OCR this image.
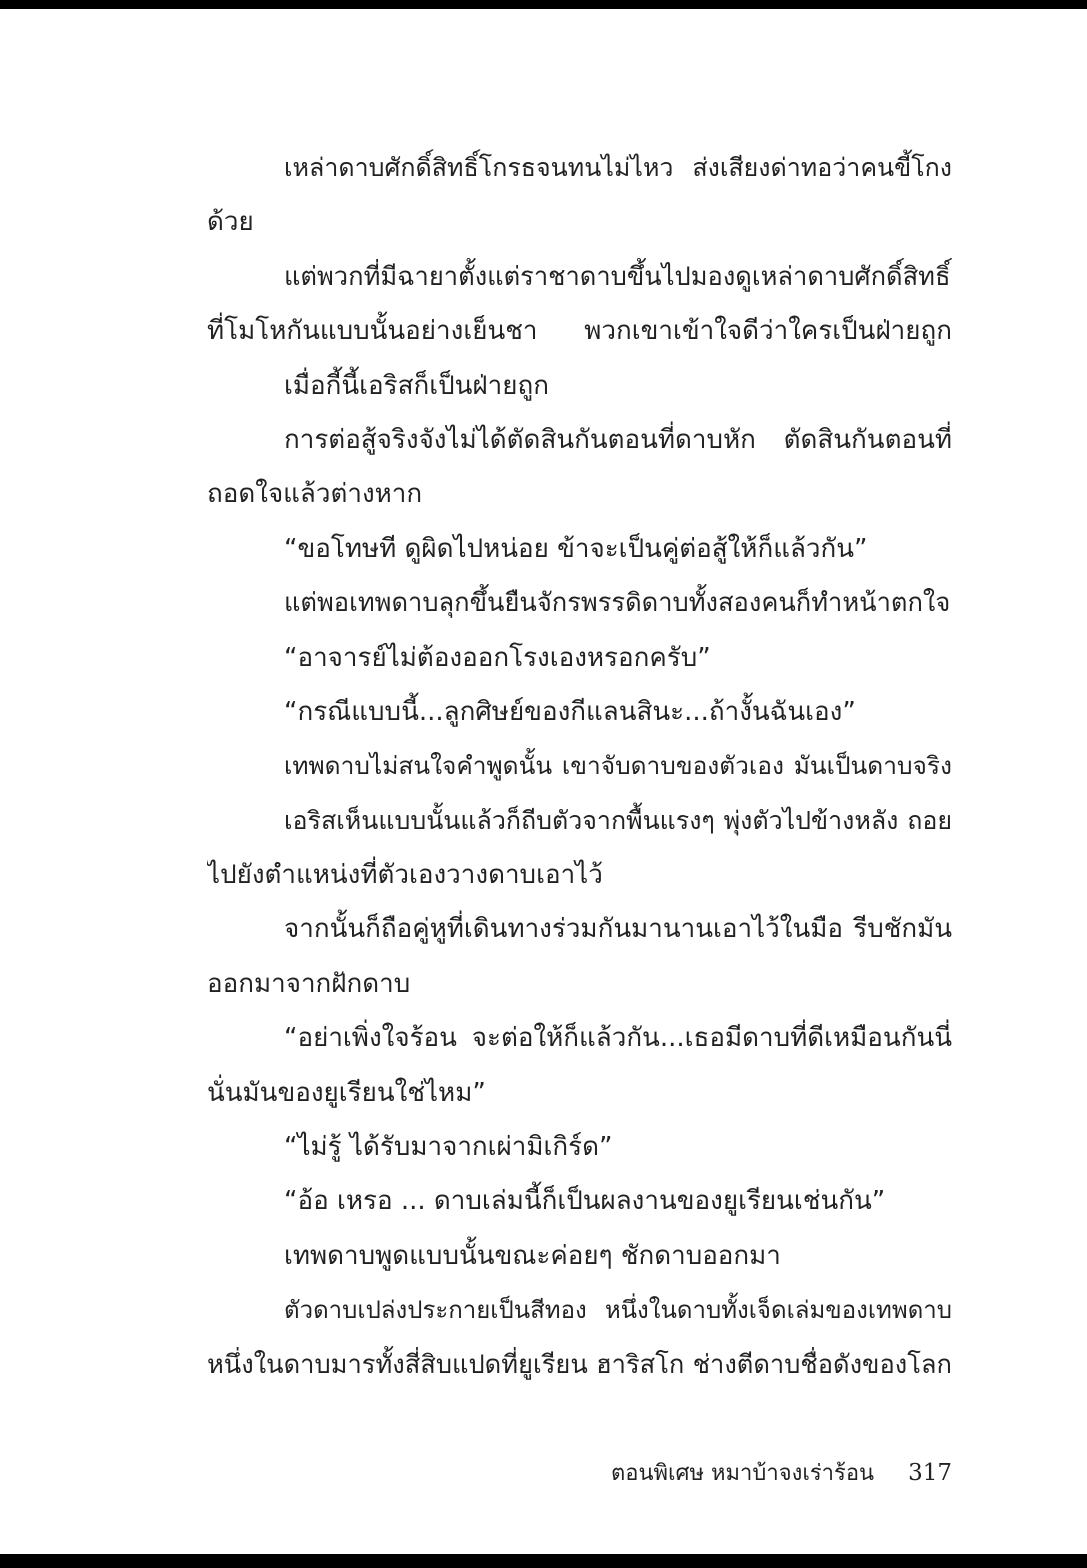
เหล่าดาบศักดิ์สิทธิ์โกรธจนทนไม่ไหว ส่งเสียงด่าทอว่าคนขี้โกง
ด้วย
แต่พวกที่มีฉายาตั้งแต่ราชาดาบขึ้นไปมองดูเหล่าดาบศักดิ์สิทธิ์
ที่โมโหกันแบบนั้นอย่างเย็นชา พวกเขาเข้าใจดีว่าใครเป็นฝ่ายถูก
เมื่อกี้นี้เอริสก็เป็นฝ่ายถูก
การต่อสู้จริงจังไม่ได้ตัดสินกันตอนที่ดาบหัก ตัดสินกันตอนที่
ถอดใจแล้วต่างหาก
“ขอโทษที ดูผิดไปหน่อย ข้าจะเป็นคู่ต่อสู้ให้ก็แล้วกัน”
แต่พอเทพดาบลุกขึ้นยืนจักรพรรดิดาบทั้งสองคนก็ทำหน้าตกใจ
“อาจารย์ไม่ต้องออกโรงเองหรอกครับ”
“กรณีแบบนี้...ลูกศิษย์ของกีแลนสินะ...ถ้างั้นฉันเอง”
เทพดาบไม่สนใจคำพูดนั้น เขาจับดาบของตัวเอง มันเป็นดาบจริง
เอริสเห็นแบบนั้นแล้วก็ถีบตัวจากพื้นแรงๆ พุ่งตัวไปข้างหลัง ถอย
ไปยังตำแหน่งที่ตัวเองวางดาบเอาไว้
จากนั้นก็ถือคู่หูที่เดินทางร่วมกันมานานเอาไว้ในมือ รีบชักมัน
ออกมาจากฝักดาบ
“อย่าเพิ่งใจร้อน จะต่อให้ก็แล้วกัน...เธอมีดาบที่ดีเหมือนกันนี่
นั่นมันของยูเรียนใช่ไหม”
“ไม่รู้ ได้รับมาจากเผ่ามิเกิร์ด”
“อ้อ เหรอ ... ดาบเล่มนี้ก็เป็นผลงานของยูเรียนเช่นกัน”
เทพดาบพูดแบบนั้นขณะค่อยๆ ชักดาบออกมา
ตัวดาบเปล่งประกายเป็นสีทอง หนึ่งในดาบทั้งเจ็ดเล่มของเทพดาบ
หนึ่งในดาบมารทั้งสี่สิบแปดที่ยูเรียน ฮาริสโก ช่างตีดาบชื่อดังของโลก
ตอนพิเศษ หมาบ้าจงเร่าร้อน 317
